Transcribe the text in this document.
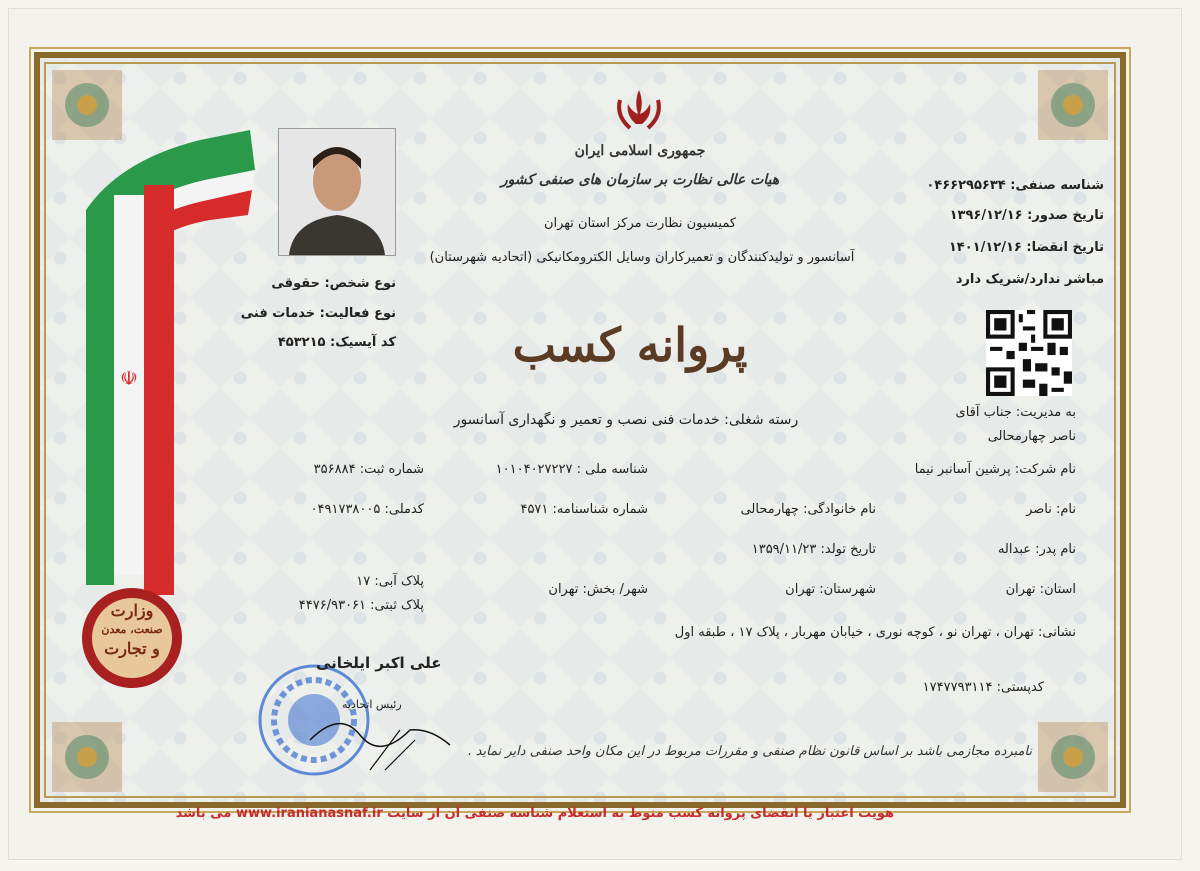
☫
وزارت
صنعت، معدن
و تجارت
جمهوری اسلامی ایران
هیات عالی نظارت بر سازمان های صنفی کشور
کمیسیون نظارت مرکز استان تهران
آسانسور و تولیدکنندگان و تعمیرکاران وسایل الکترومکانیکی (اتحادیه شهرستان)
پروانه کسب
رسته شغلی: خدمات فنی نصب و تعمیر و نگهداری آسانسور
شناسه صنفی: ۰۴۶۶۲۹۵۶۳۴
تاریخ صدور: ۱۳۹۶/۱۲/۱۶
تاریخ انقضا: ۱۴۰۱/۱۲/۱۶
مباشر ندارد/شریک دارد
به مدیریت: جناب آقای
ناصر چهارمحالی
نوع شخص: حقوقی
نوع فعالیت: خدمات فنی
کد آیسیک: ۴۵۳۲۱۵
نام شرکت: پرشین آسانبر نیما
شناسه ملی : ۱۰۱۰۴۰۲۷۲۲۷
شماره ثبت: ۳۵۶۸۸۴
نام: ناصر
نام خانوادگی: چهارمحالی
شماره شناسنامه: ۴۵۷۱
کدملی: ۰۴۹۱۷۳۸۰۰۵
نام پدر: عبداله
تاریخ تولد: ۱۳۵۹/۱۱/۲۳
استان: تهران
شهرستان: تهران
شهر/ بخش: تهران
پلاک آبی: ۱۷
پلاک ثبتی: ۴۴۷۶/۹۳۰۶۱
نشانی: تهران ، تهران نو ، کوچه نوری ، خیابان مهربار ، پلاک ۱۷ ، طبقه اول
کدپستی: ۱۷۴۷۷۹۳۱۱۴
علی اکبر ایلخانی
رئیس اتحادیه
نامبرده مجازمی باشد بر اساس قانون نظام صنفی و مقررات مربوط در این مکان واحد صنفی دایر نماید .
هویت اعتبار یا انقضای پروانه کسب منوط به استعلام شناسه صنفی آن از سایت www.iranianasnaf.ir می باشد
